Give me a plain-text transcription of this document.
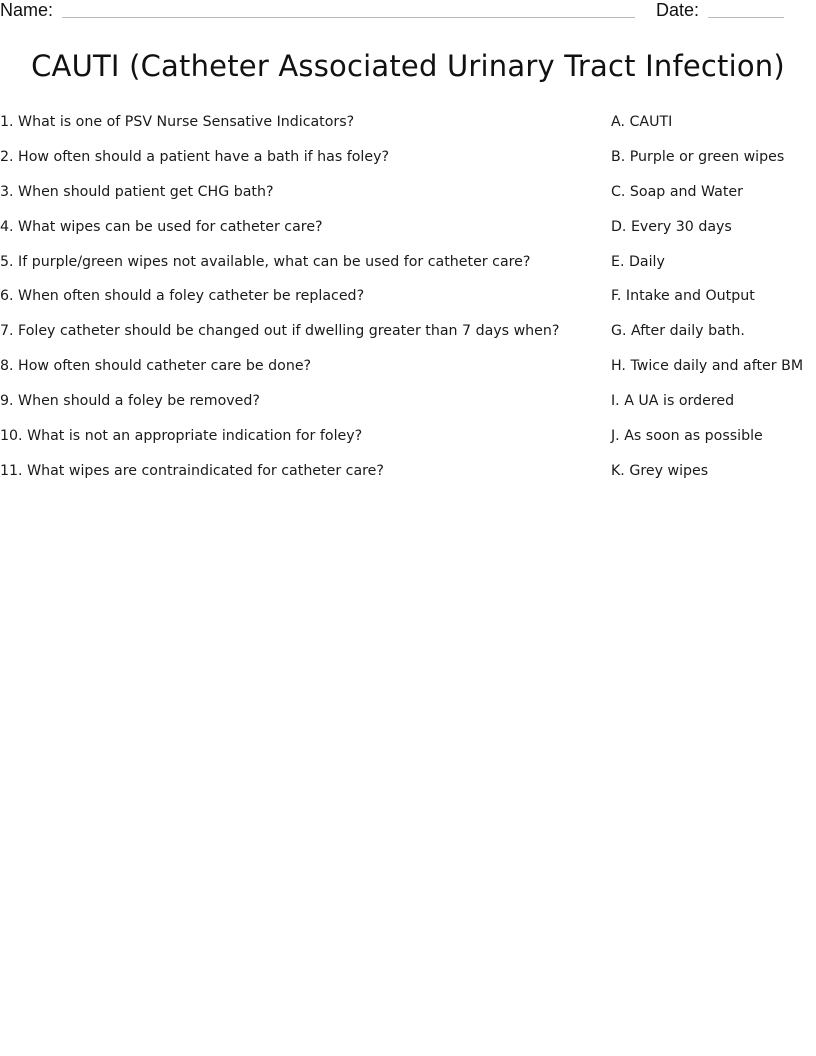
Name:	Date:
CAUTI (Catheter Associated Urinary Tract Infection)
1. What is one of PSV Nurse Sensative Indicators?
2. How often should a patient have a bath if has foley?
3. When should patient get CHG bath?
4. What wipes can be used for catheter care?
5. If purple/green wipes not available, what can be used for catheter care?
6. When often should a foley catheter be replaced?
7. Foley catheter should be changed out if dwelling greater than 7 days when?
8. How often should catheter care be done?
9. When should a foley be removed?
10. What is not an appropriate indication for foley?
11. What wipes are contraindicated for catheter care?
A. CAUTI
B. Purple or green wipes
C. Soap and Water
D. Every 30 days
E. Daily
F. Intake and Output
G. After daily bath.
H. Twice daily and after BM
I. A UA is ordered
J. As soon as possible
K. Grey wipes
